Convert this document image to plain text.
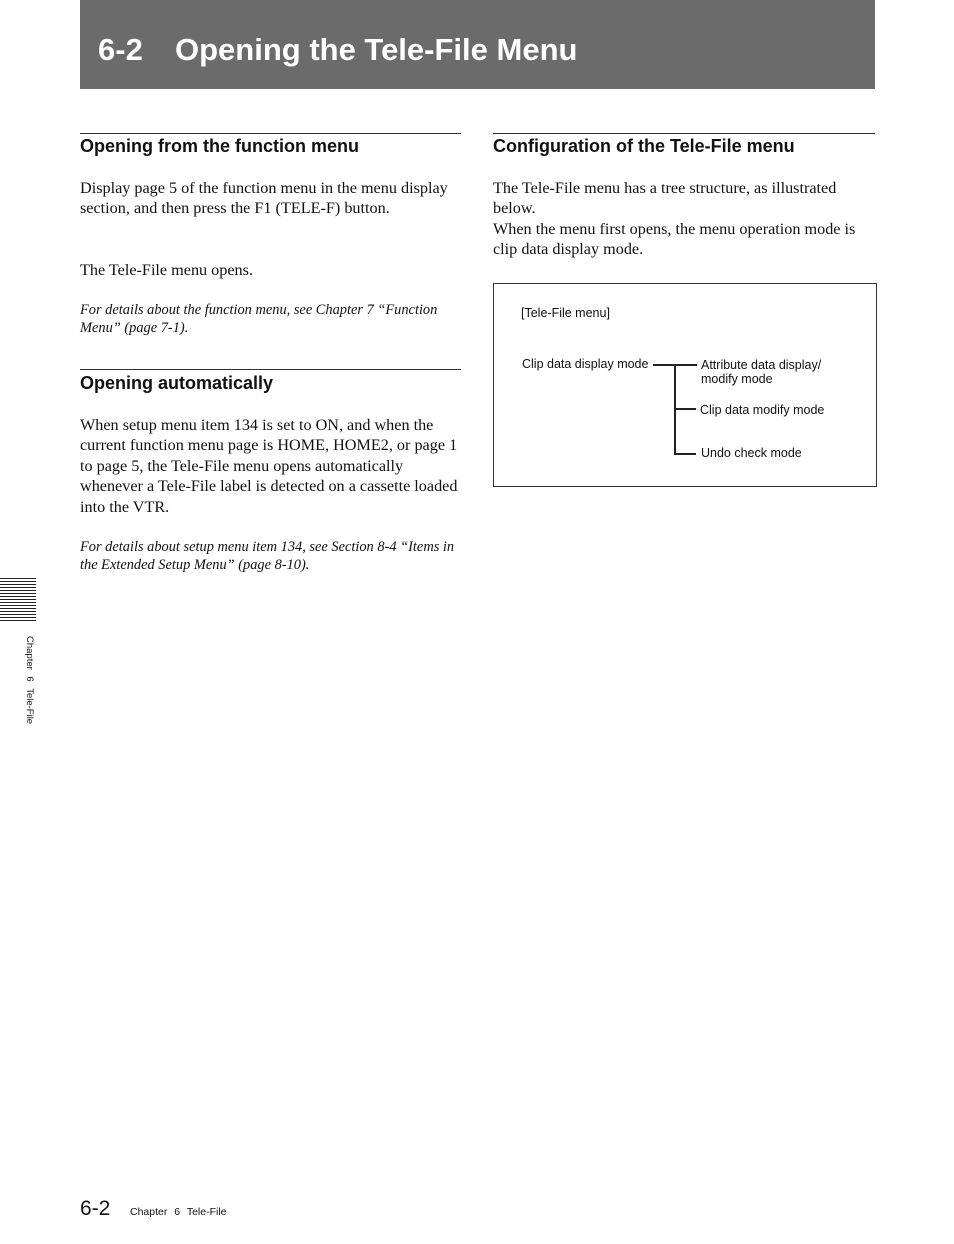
6-2 Opening the Tele-File Menu
Opening from the function menu

Display page 5 of the function menu in the menu display section, and then press the F1 (TELE-F) button.

The Tele-File menu opens.

For details about the function menu, see Chapter 7 “Function Menu” (page 7-1).

Opening automatically

When setup menu item 134 is set to ON, and when the current function menu page is HOME, HOME2, or page 1 to page 5, the Tele-File menu opens automatically whenever a Tele-File label is detected on a cassette loaded into the VTR.

For details about setup menu item 134, see Section 8-4 “Items in the Extended Setup Menu” (page 8-10).

Configuration of the Tele-File menu

The Tele-File menu has a tree structure, as illustrated below.

When the menu first opens, the menu operation mode is clip data display mode.

[Tele-File menu]

Clip data display mode	Attribute data display/ modify mode

Clip data modify mode

Undo check mode

Chapter 6 Tele-File
6-2 Chapter 6 Tele-File
